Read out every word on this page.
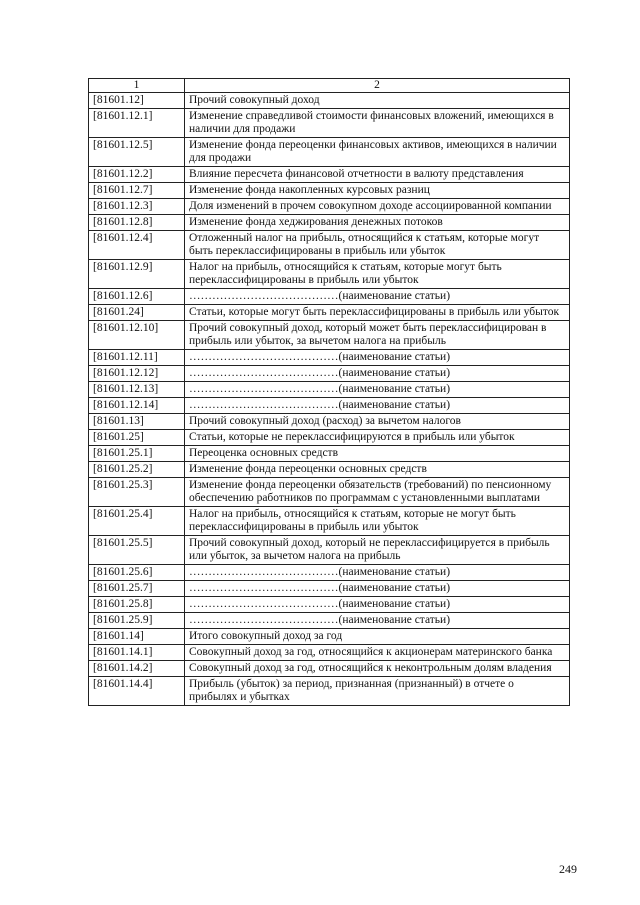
1	2
[81601.12]	Прочий совокупный доход
[81601.12.1]	Изменение справедливой стоимости финансовых вложений, имеющихся в наличии для продажи
[81601.12.5]	Изменение фонда переоценки финансовых активов, имеющихся в наличии для продажи
[81601.12.2]	Влияние пересчета финансовой отчетности в валюту представления
[81601.12.7]	Изменение фонда накопленных курсовых разниц
[81601.12.3]	Доля изменений в прочем совокупном доходе ассоциированной компании
[81601.12.8]	Изменение фонда хеджирования денежных потоков
[81601.12.4]	Отложенный налог на прибыль, относящийся к статьям, которые могут быть переклассифицированы в прибыль или убыток
[81601.12.9]	Налог на прибыль, относящийся к статьям, которые могут быть переклассифицированы в прибыль или убыток
[81601.12.6]	…………………………………(наименование статьи)
[81601.24]	Статьи, которые могут быть переклассифицированы в прибыль или убыток
[81601.12.10]	Прочий совокупный доход, который может быть переклассифицирован в прибыль или убыток, за вычетом налога на прибыль
[81601.12.11]	…………………………………(наименование статьи)
[81601.12.12]	…………………………………(наименование статьи)
[81601.12.13]	…………………………………(наименование статьи)
[81601.12.14]	…………………………………(наименование статьи)
[81601.13]	Прочий совокупный доход (расход) за вычетом налогов
[81601.25]	Статьи, которые не переклассифицируются в прибыль или убыток
[81601.25.1]	Переоценка основных средств
[81601.25.2]	Изменение фонда переоценки основных средств
[81601.25.3]	Изменение фонда переоценки обязательств (требований) по пенсионному обеспечению работников по программам с установленными выплатами
[81601.25.4]	Налог на прибыль, относящийся к статьям, которые не могут быть переклассифицированы в прибыль или убыток
[81601.25.5]	Прочий совокупный доход, который не переклассифицируется в прибыль или убыток, за вычетом налога на прибыль
[81601.25.6]	…………………………………(наименование статьи)
[81601.25.7]	…………………………………(наименование статьи)
[81601.25.8]	…………………………………(наименование статьи)
[81601.25.9]	…………………………………(наименование статьи)
[81601.14]	Итого совокупный доход за год
[81601.14.1]	Совокупный доход за год, относящийся к акционерам материнского банка
[81601.14.2]	Совокупный доход за год, относящийся к неконтрольным долям владения
[81601.14.4]	Прибыль (убыток) за период, признанная (признанный) в отчете о прибылях и убытках
249
